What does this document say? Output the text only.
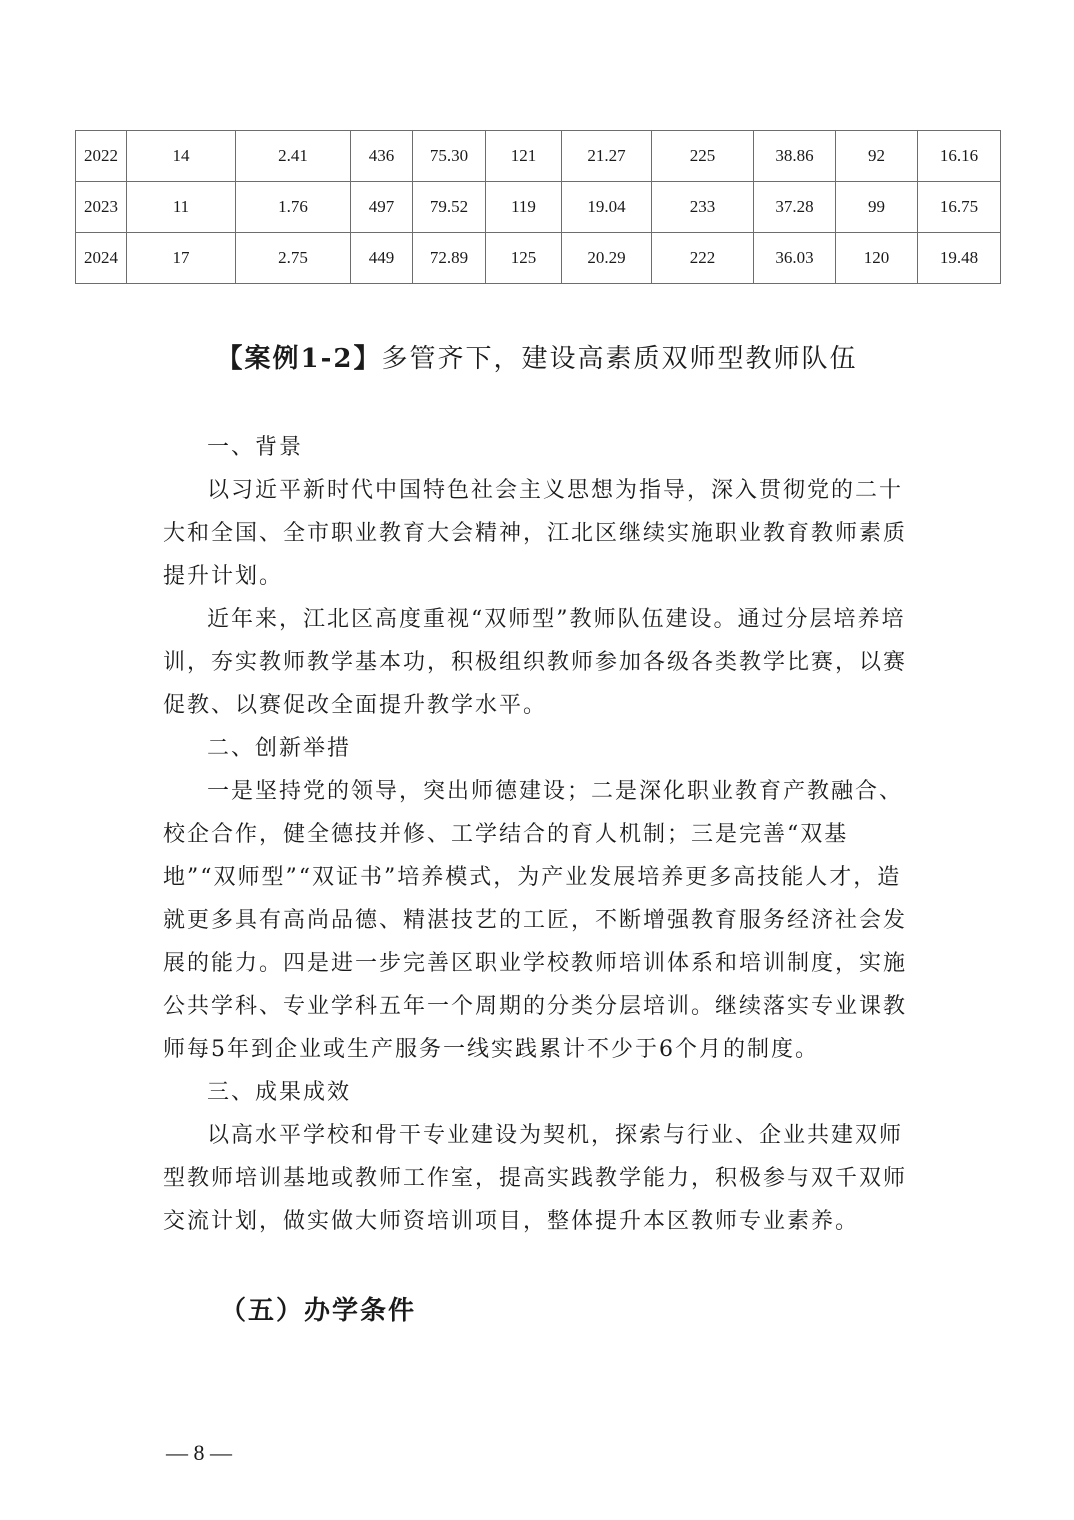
2022	14	2.41	436	75.30	121	21.27	225	38.86	92	16.16
2023	11	1.76	497	79.52	119	19.04	233	37.28	99	16.75
2024	17	2.75	449	72.89	125	20.29	222	36.03	120	19.48
【案例1-2】多管齐下，建设高素质双师型教师队伍

一、背景

以习近平新时代中国特色社会主义思想为指导，深入贯彻党的二十大和全国、全市职业教育大会精神，江北区继续实施职业教育教师素质提升计划。

近年来，江北区高度重视“双师型”教师队伍建设。通过分层培养培训，夯实教师教学基本功，积极组织教师参加各级各类教学比赛，以赛促教、以赛促改全面提升教学水平。

二、创新举措

一是坚持党的领导，突出师德建设；二是深化职业教育产教融合、校企合作，健全德技并修、工学结合的育人机制；三是完善“双基地”“双师型”“双证书”培养模式，为产业发展培养更多高技能人才，造就更多具有高尚品德、精湛技艺的工匠，不断增强教育服务经济社会发展的能力。四是进一步完善区职业学校教师培训体系和培训制度，实施公共学科、专业学科五年一个周期的分类分层培训。继续落实专业课教师每5年到企业或生产服务一线实践累计不少于6个月的制度。

三、成果成效

以高水平学校和骨干专业建设为契机，探索与行业、企业共建双师型教师培训基地或教师工作室，提高实践教学能力，积极参与双千双师交流计划，做实做大师资培训项目，整体提升本区教师专业素养。

（五）办学条件
— 8 —
